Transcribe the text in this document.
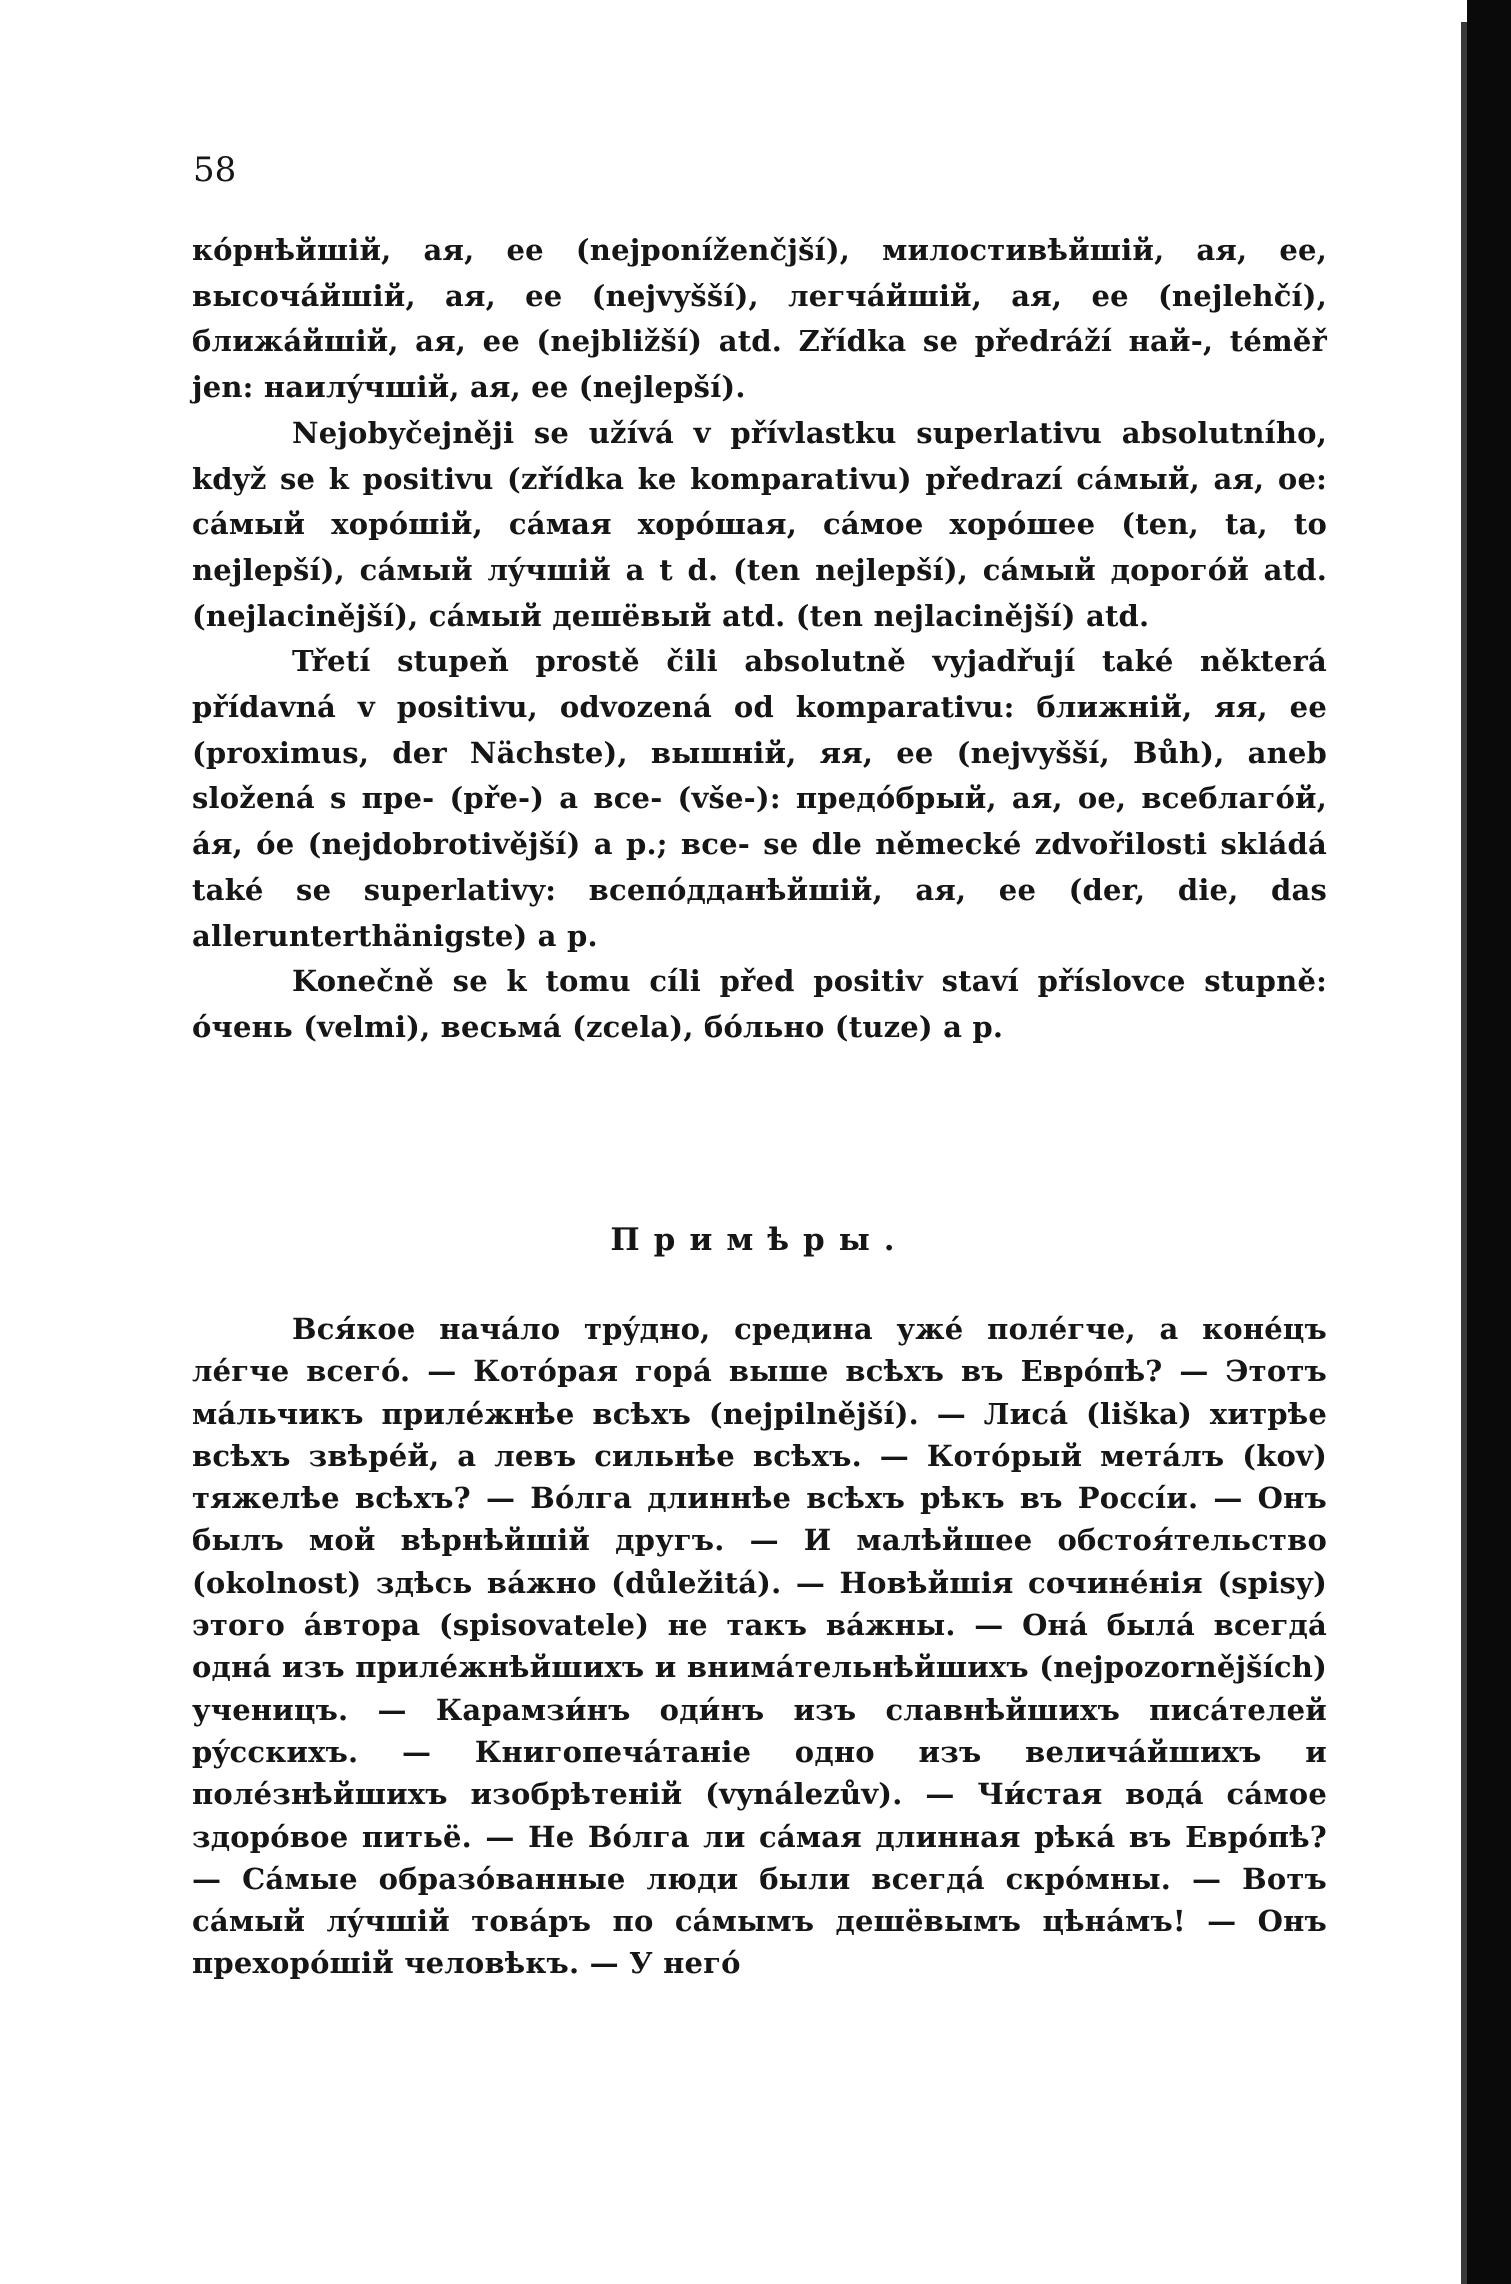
58

кóрнѣйшій, ая, ее (nejponíženčjší), милостивѣйшій, ая, ее, высочáйшій, ая, ее (nejvyšší), легчáйшій, ая, ее (nejlehčí), ближáйшій, ая, ее (nejbližší) atd. Zřídka se předráží най-, téměř jen: наилýчшій, ая, ее (nejlepší).

Nejobyčejněji se užívá v přívlastku superlativu absolutního, když se k positivu (zřídka ke komparativu) předrazí сáмый, ая, ое: сáмый хорóшій, сáмая хорóшая, сáмое хорóшее (ten, ta, to nejlepší), сáмый лýчшій a t d. (ten nejlepší), сáмый дорогóй atd. (nejlacinější), сáмый дешёвый atd. (ten nejlacinější) atd.

Třetí stupeň prostě čili absolutně vyjadřují také některá přídavná v positivu, odvozená od komparativu: ближній, яя, ее (proximus, der Nächste), вышній, яя, ее (nejvyšší, Bůh), aneb složená s пре- (pře-) a все- (vše-): предóбрый, ая, ое, всеблагóй, áя, óе (nejdobrotivější) a p.; все- se dle německé zdvořilosti skládá také se superlativy: всепóдданѣйшій, ая, ее (der, die, das allerunterthänigste) a p.

Konečně se k tomu cíli před positiv staví příslovce stupně: óчень (velmi), весьмá (zcela), бóльно (tuze) a p.

Примѣры.

Вся́кое начáло трýдно, срединa ужé полéгче, а конéцъ лéгче всегó. — Котóрая горá выше всѣхъ въ Еврóпѣ? — Этотъ мáльчикъ прилéжнѣе всѣхъ (nejpilnější). — Лисá (liška) хитрѣе всѣхъ звѣрéй, а левъ сильнѣе всѣхъ. — Котóрый метáлъ (kov) тяжелѣе всѣхъ? — Вóлга длиннѣе всѣхъ рѣкъ въ Россíи. — Онъ былъ мой вѣрнѣйшій другъ. — И малѣйшее обстоя́тельство (okolnost) здѣсь вáжно (důležitá). — Новѣйшія сочинéнія (spisy) этого áвтора (spisovatele) не такъ вáжны. — Онá былá всегдá однá изъ прилéжнѣйшихъ и внимáтельнѣйшихъ (nejpozornějších) ученицъ. — Карамзи́нъ оди́нъ изъ славнѣйшихъ писáтелей рýсскихъ. — Книгопечáтаніе одно изъ величáйшихъ и полéзнѣйшихъ изобрѣтеній (vynálezův). — Чи́стая водá сáмое здорóвое питьё. — Не Вóлга ли сáмая длинная рѣкá въ Еврóпѣ? — Сáмые образóванные люди были всегдá скрóмны. — Вотъ сáмый лýчшій товáръ по сáмымъ дешёвымъ цѣнáмъ! — Онъ прехорóшій человѣкъ. — У негó
